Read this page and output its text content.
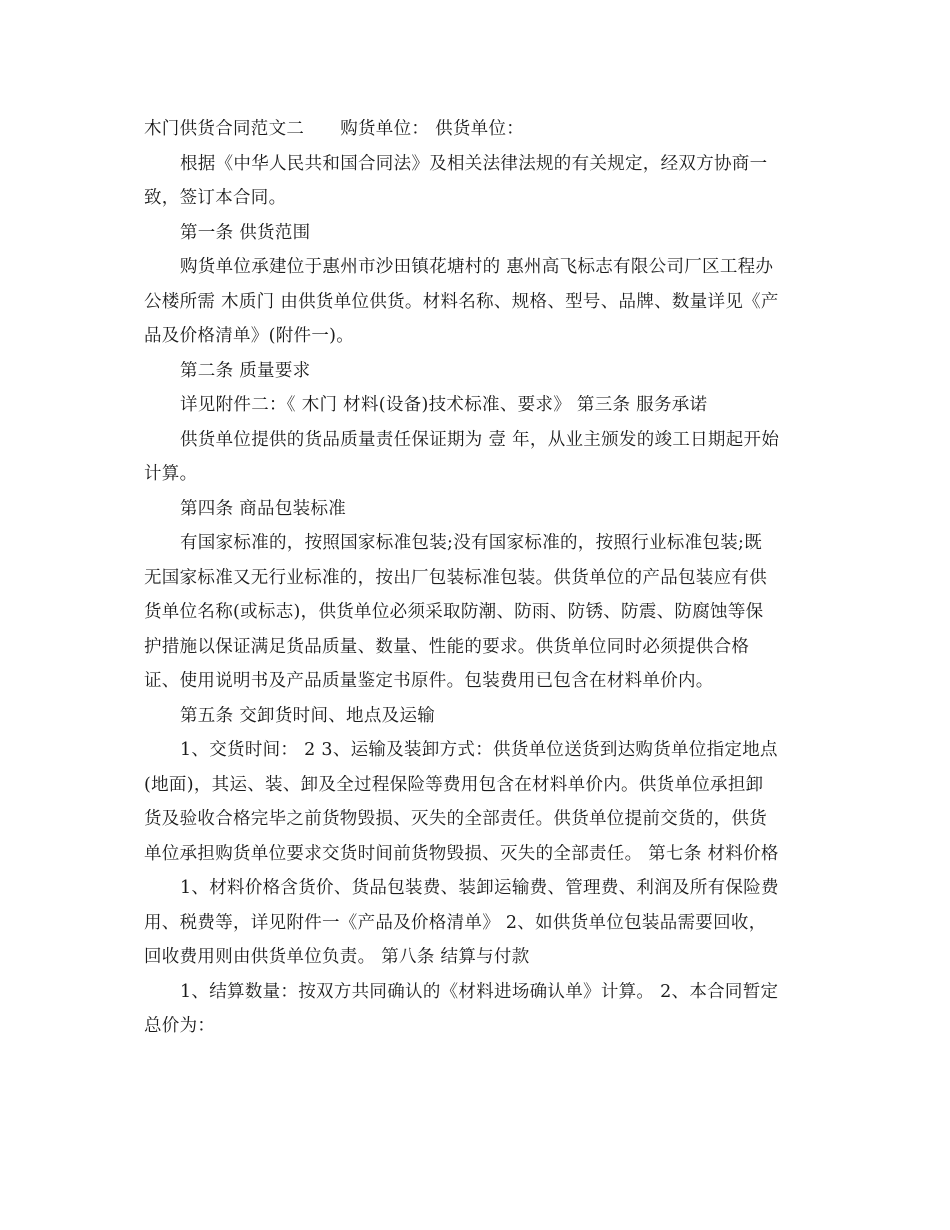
木门供货合同范文二 购货单位： 供货单位：
根据《中华人民共和国合同法》及相关法律法规的有关规定，经双方协商一
致，签订本合同。
第一条 供货范围
购货单位承建位于惠州市沙田镇花塘村的 惠州高飞标志有限公司厂区工程办
公楼所需 木质门 由供货单位供货。材料名称、规格、型号、品牌、数量详见《产
品及价格清单》(附件一)。
第二条 质量要求
详见附件二：《 木门 材料(设备)技术标准、要求》 第三条 服务承诺
供货单位提供的货品质量责任保证期为 壹 年，从业主颁发的竣工日期起开始
计算。
第四条 商品包装标准
有国家标准的，按照国家标准包装;没有国家标准的，按照行业标准包装;既
无国家标准又无行业标准的，按出厂包装标准包装。供货单位的产品包装应有供
货单位名称(或标志)，供货单位必须采取防潮、防雨、防锈、防震、防腐蚀等保
护措施以保证满足货品质量、数量、性能的要求。供货单位同时必须提供合格
证、使用说明书及产品质量鉴定书原件。包装费用已包含在材料单价内。
第五条 交卸货时间、地点及运输
1、交货时间： 2 3、运输及装卸方式：供货单位送货到达购货单位指定地点
(地面)，其运、装、卸及全过程保险等费用包含在材料单价内。供货单位承担卸
货及验收合格完毕之前货物毁损、灭失的全部责任。供货单位提前交货的，供货
单位承担购货单位要求交货时间前货物毁损、灭失的全部责任。 第七条 材料价格
1、材料价格含货价、货品包装费、装卸运输费、管理费、利润及所有保险费
用、税费等，详见附件一《产品及价格清单》 2、如供货单位包装品需要回收，
回收费用则由供货单位负责。 第八条 结算与付款
1、结算数量：按双方共同确认的《材料进场确认单》计算。 2、本合同暂定
总价为：
